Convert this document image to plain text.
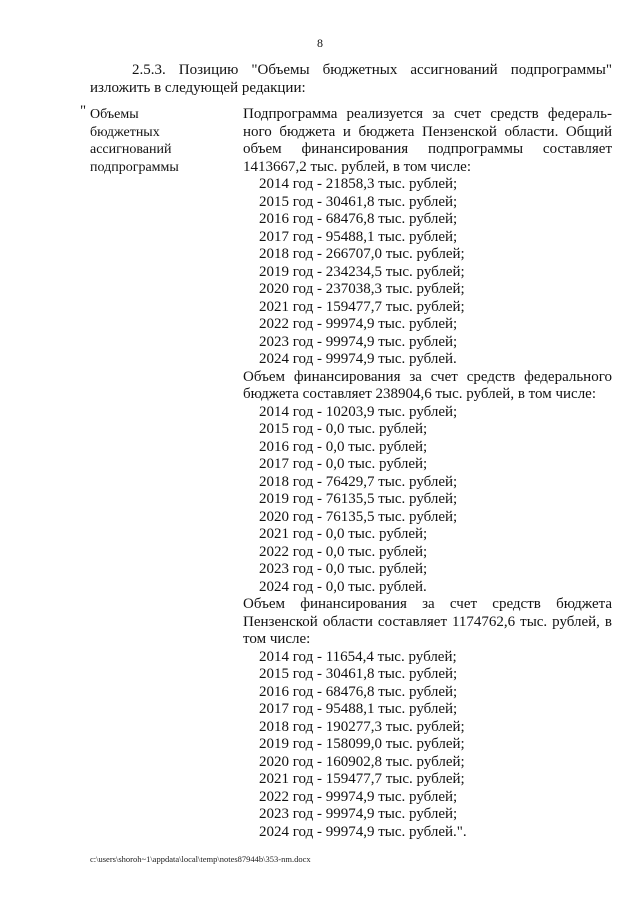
8
2.5.3. Позицию "Объемы бюджетных ассигнований подпрограммы"
изложить в следующей редакции:
" Объемы
бюджетных
ассигнований
подпрограммы
Подпрограмма реализуется за счет средств федераль-ного бюджета и бюджета Пензенской области. Общий объем финансирования подпрограммы составляет 1413667,2 тыс. рублей, в том числе:
2014 год - 21858,3 тыс. рублей;
2015 год - 30461,8 тыс. рублей;
2016 год - 68476,8 тыс. рублей;
2017 год - 95488,1 тыс. рублей;
2018 год - 266707,0 тыс. рублей;
2019 год - 234234,5 тыс. рублей;
2020 год - 237038,3 тыс. рублей;
2021 год - 159477,7 тыс. рублей;
2022 год - 99974,9 тыс. рублей;
2023 год - 99974,9 тыс. рублей;
2024 год - 99974,9 тыс. рублей.
Объем финансирования за счет средств федерального бюджета составляет 238904,6 тыс. рублей, в том числе:
2014 год - 10203,9 тыс. рублей;
2015 год - 0,0 тыс. рублей;
2016 год - 0,0 тыс. рублей;
2017 год - 0,0 тыс. рублей;
2018 год - 76429,7 тыс. рублей;
2019 год - 76135,5 тыс. рублей;
2020 год - 76135,5 тыс. рублей;
2021 год - 0,0 тыс. рублей;
2022 год - 0,0 тыс. рублей;
2023 год - 0,0 тыс. рублей;
2024 год - 0,0 тыс. рублей.
Объем финансирования за счет средств бюджета Пензенской области составляет 1174762,6 тыс. рублей, в том числе:
2014 год - 11654,4 тыс. рублей;
2015 год - 30461,8 тыс. рублей;
2016 год - 68476,8 тыс. рублей;
2017 год - 95488,1 тыс. рублей;
2018 год - 190277,3 тыс. рублей;
2019 год - 158099,0 тыс. рублей;
2020 год - 160902,8 тыс. рублей;
2021 год - 159477,7 тыс. рублей;
2022 год - 99974,9 тыс. рублей;
2023 год - 99974,9 тыс. рублей;
2024 год - 99974,9 тыс. рублей.".
c:\users\shoroh~1\appdata\local\temp\notes87944b\353-nm.docx
